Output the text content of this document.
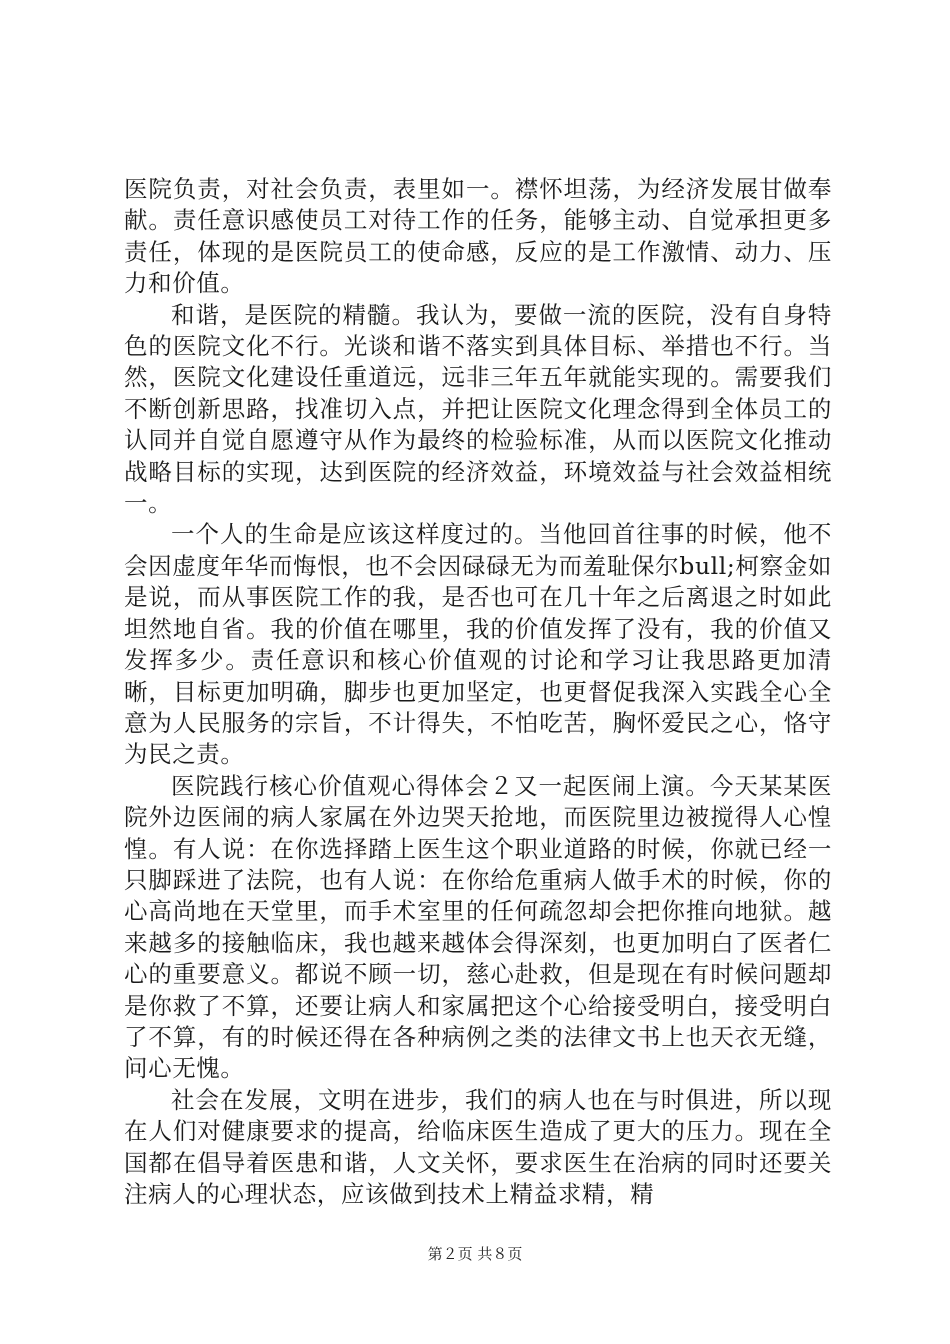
医院负责，对社会负责，表里如一。襟怀坦荡，为经济发展甘做奉献。责任意识感使员工对待工作的任务，能够主动、自觉承担更多责任，体现的是医院员工的使命感，反应的是工作激情、动力、压力和价值。

和谐，是医院的精髓。我认为，要做一流的医院，没有自身特色的医院文化不行。光谈和谐不落实到具体目标、举措也不行。当然，医院文化建设任重道远，远非三年五年就能实现的。需要我们不断创新思路，找准切入点，并把让医院文化理念得到全体员工的认同并自觉自愿遵守从作为最终的检验标准，从而以医院文化推动战略目标的实现，达到医院的经济效益，环境效益与社会效益相统一。

一个人的生命是应该这样度过的。当他回首往事的时候，他不会因虚度年华而悔恨，也不会因碌碌无为而羞耻保尔bull;柯察金如是说，而从事医院工作的我，是否也可在几十年之后离退之时如此坦然地自省。我的价值在哪里，我的价值发挥了没有，我的价值又发挥多少。责任意识和核心价值观的讨论和学习让我思路更加清晰，目标更加明确，脚步也更加坚定，也更督促我深入实践全心全意为人民服务的宗旨，不计得失，不怕吃苦，胸怀爱民之心，恪守为民之责。

医院践行核心价值观心得体会２又一起医闹上演。今天某某医院外边医闹的病人家属在外边哭天抢地，而医院里边被搅得人心惶惶。有人说：在你选择踏上医生这个职业道路的时候，你就已经一只脚踩进了法院，也有人说：在你给危重病人做手术的时候，你的心高尚地在天堂里，而手术室里的任何疏忽却会把你推向地狱。越来越多的接触临床，我也越来越体会得深刻，也更加明白了医者仁心的重要意义。都说不顾一切，慈心赴救，但是现在有时候问题却是你救了不算，还要让病人和家属把这个心给接受明白，接受明白了不算，有的时候还得在各种病例之类的法律文书上也天衣无缝，问心无愧。

社会在发展，文明在进步，我们的病人也在与时俱进，所以现在人们对健康要求的提高，给临床医生造成了更大的压力。现在全国都在倡导着医患和谐，人文关怀，要求医生在治病的同时还要关注病人的心理状态，应该做到技术上精益求精，精

第２页 共８页
